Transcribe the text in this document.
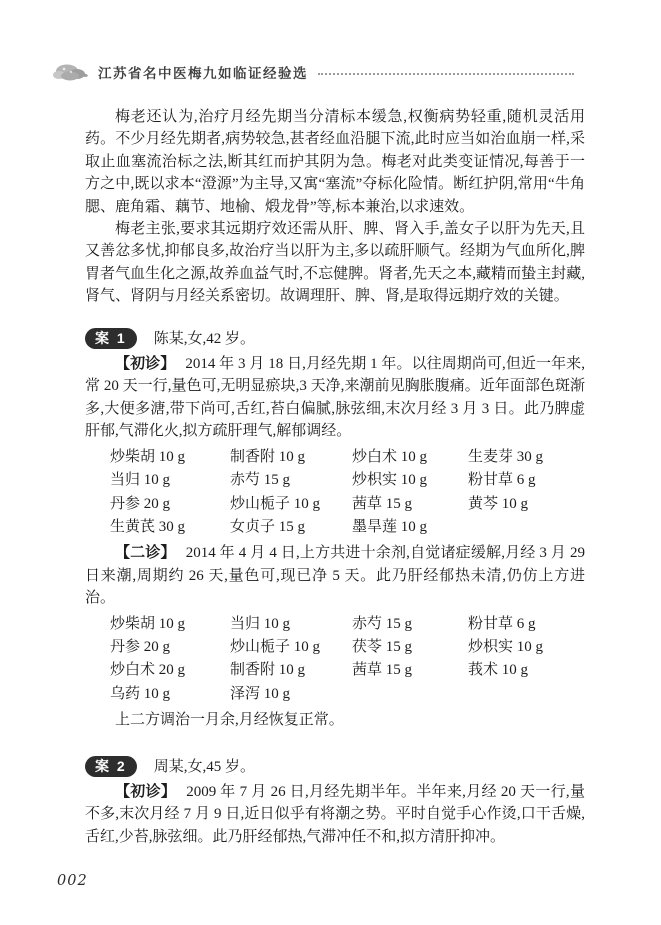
江苏省名中医梅九如临证经验选

梅老还认为,治疗月经先期当分清标本缓急,权衡病势轻重,随机灵活用药。不少月经先期者,病势较急,甚者经血沿腿下流,此时应当如治血崩一样,采取止血塞流治标之法,断其红而护其阴为急。梅老对此类变证情况,每善于一方之中,既以求本“澄源”为主导,又寓“塞流”夺标化险情。断红护阴,常用“牛角腮、鹿角霜、藕节、地榆、煅龙骨”等,标本兼治,以求速效。

梅老主张,要求其远期疗效还需从肝、脾、肾入手,盖女子以肝为先天,且又善忿多忧,抑郁良多,故治疗当以肝为主,多以疏肝顺气。经期为气血所化,脾胃者气血生化之源,故养血益气时,不忘健脾。肾者,先天之本,藏精而蛰主封藏,肾气、肾阴与月经关系密切。故调理肝、脾、肾,是取得远期疗效的关键。

案 1	陈某,女,42 岁。

【初诊】 2014 年 3 月 18 日,月经先期 1 年。以往周期尚可,但近一年来,常 20 天一行,量色可,无明显瘀块,3 天净,来潮前见胸胀腹痛。近年面部色斑渐多,大便多溏,带下尚可,舌红,苔白偏腻,脉弦细,末次月经 3 月 3 日。此乃脾虚肝郁,气滞化火,拟方疏肝理气,解郁调经。

炒柴胡 10 g	制香附 10 g	炒白术 10 g	生麦芽 30 g
当归 10 g	赤芍 15 g	炒枳实 10 g	粉甘草 6 g
丹参 20 g	炒山栀子 10 g	茜草 15 g	黄芩 10 g
生黄芪 30 g	女贞子 15 g	墨旱莲 10 g

【二诊】 2014 年 4 月 4 日,上方共进十余剂,自觉诸症缓解,月经 3 月 29 日来潮,周期约 26 天,量色可,现已净 5 天。此乃肝经郁热未清,仍仿上方进治。

炒柴胡 10 g	当归 10 g	赤芍 15 g	粉甘草 6 g
丹参 20 g	炒山栀子 10 g	茯苓 15 g	炒枳实 10 g
炒白术 20 g	制香附 10 g	茜草 15 g	莪术 10 g
乌药 10 g	泽泻 10 g

上二方调治一月余,月经恢复正常。

案 2	周某,女,45 岁。

【初诊】 2009 年 7 月 26 日,月经先期半年。半年来,月经 20 天一行,量不多,末次月经 7 月 9 日,近日似乎有将潮之势。平时自觉手心作烫,口干舌燥,舌红,少苔,脉弦细。此乃肝经郁热,气滞冲任不和,拟方清肝抑冲。

002
